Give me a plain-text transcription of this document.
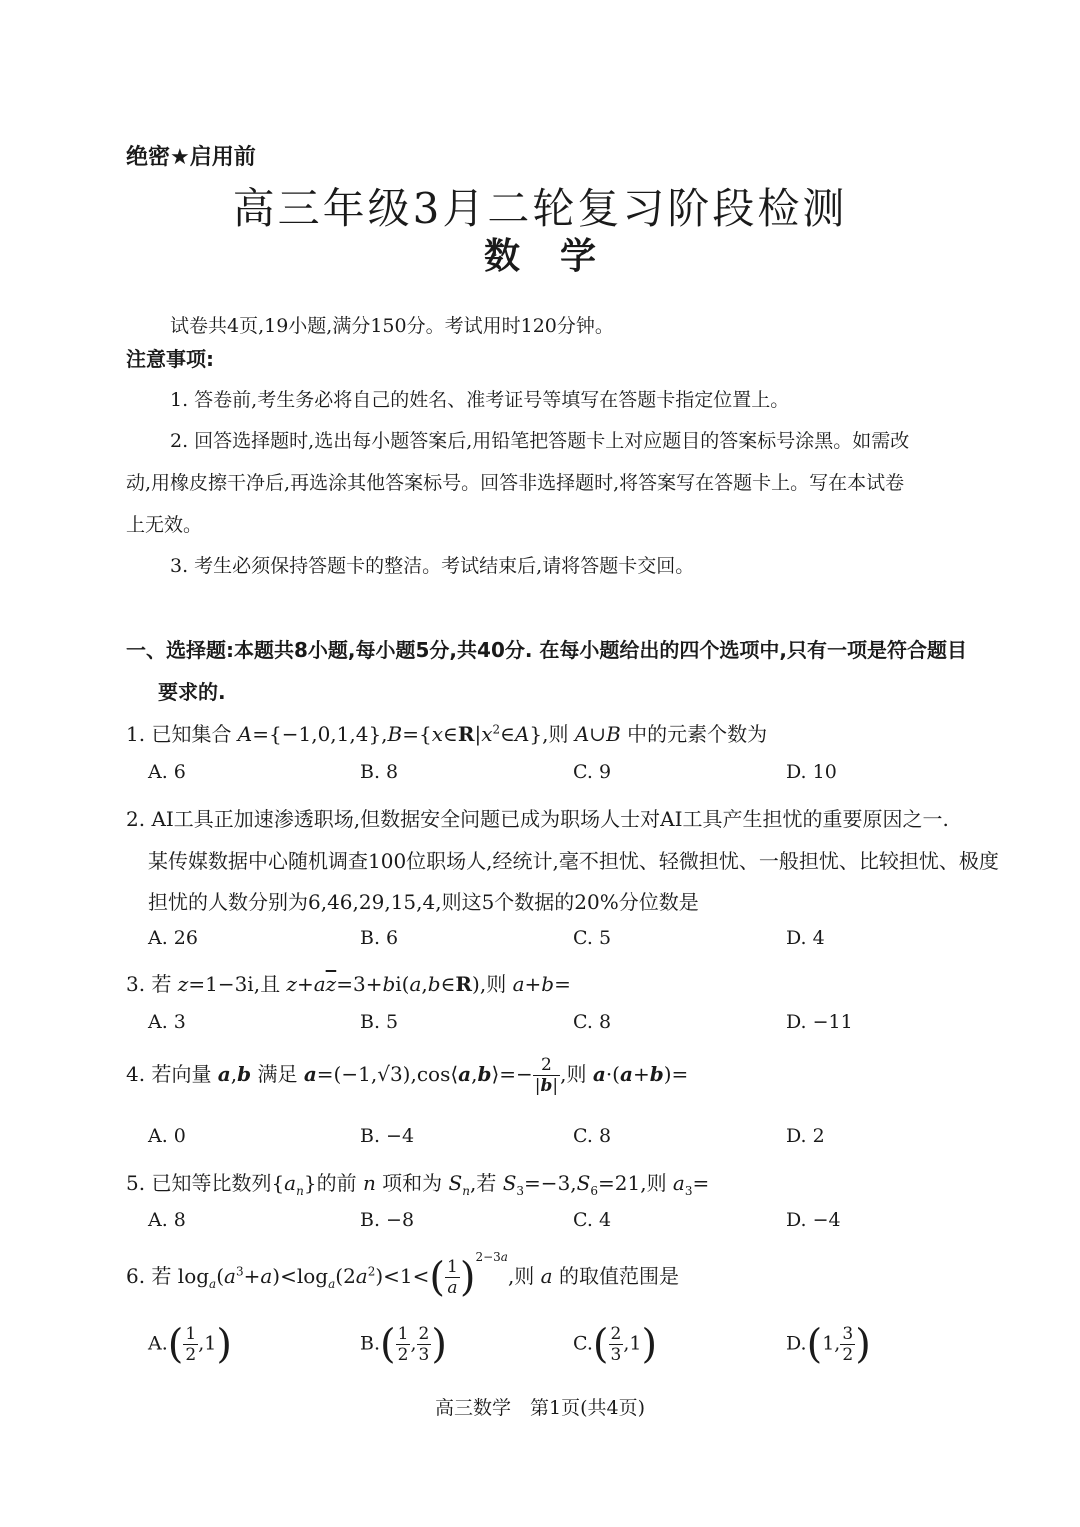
绝密★启用前
高三年级3月二轮复习阶段检测
数学
试卷共4页,19小题,满分150分。考试用时120分钟。
注意事项:
1. 答卷前,考生务必将自己的姓名、准考证号等填写在答题卡指定位置上。
2. 回答选择题时,选出每小题答案后,用铅笔把答题卡上对应题目的答案标号涂黑。如需改
动,用橡皮擦干净后,再选涂其他答案标号。回答非选择题时,将答案写在答题卡上。写在本试卷
上无效。
3. 考生必须保持答题卡的整洁。考试结束后,请将答题卡交回。
一、选择题:本题共8小题,每小题5分,共40分. 在每小题给出的四个选项中,只有一项是符合题目
要求的.
1. 已知集合 $A=\{-1,0,1,4\},B=\{x\in R|x^2\in A\}$,则 A∪B 中的元素个数为
A. 6	B. 8	C. 9	D. 10
2. AI工具正加速渗透职场,但数据安全问题已成为职场人士对AI工具产生担忧的重要原因之一.
某传媒数据中心随机调查100位职场人,经统计,毫不担忧、轻微担忧、一般担忧、比较担忧、极度
担忧的人数分别为6,46,29,15,4,则这5个数据的20%分位数是
A. 26	B. 6	C. 5	D. 4
3. 若 z=1−3i,且 $z+a\overline{z}=3+bi(a,b\in R)$,则 a+b=
A. 3	B. 5	C. 8	D. −11
4. 若向量 a,b 满足 a=(−1,√3),cos⟨a,b⟩=− $\frac{2}{|b|}$ ,则 a·(a+b)=
A. 0	B. −4	C. 8	D. 2
5. 已知等比数列$\{a_n\}$的前 n 项和为 $S_n$,若 $S_3=-3,S_6=21$,则 $a_3=$
A. 8	B. −8	C. 4	D. −4
6. 若 $\log_a(a^3+a)<\log_a(2a^2)<1<( \frac{1}{a} )^{2-3a}$,则 a 的取值范围是
$A.( \frac{1}{2} ,1)$	$B.( \frac{1}{2}$ , $\frac{2}{3}$ )	$C.( \frac{2}{3} ,1)$	D.(1, $\frac{3}{2}$ )
高三数学　第1页(共4页)
